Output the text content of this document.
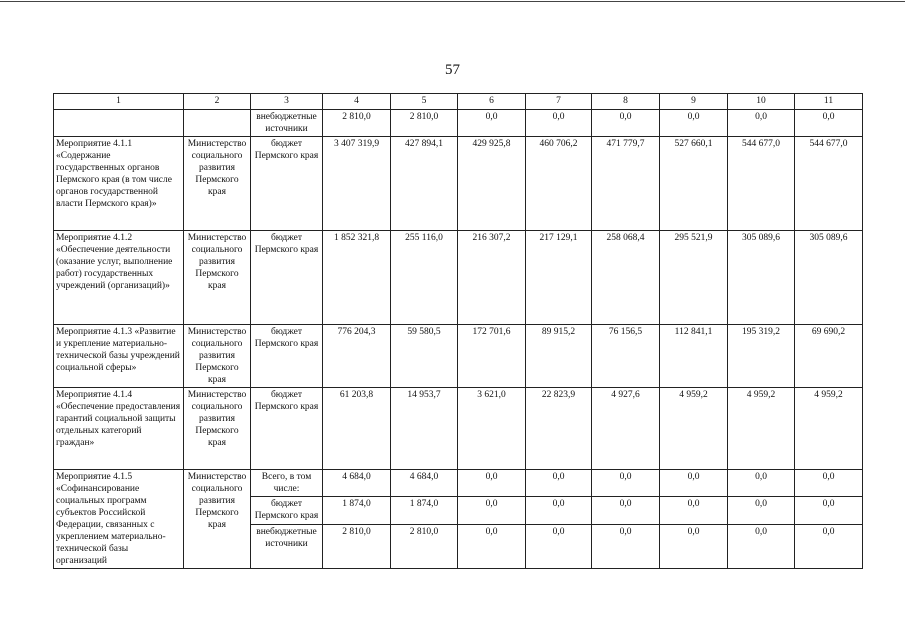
57
1	2	3	4	5	6	7	8	9	10	11
		внебюджетные источники	2 810,0	2 810,0	0,0	0,0	0,0	0,0	0,0	0,0
Мероприятие 4.1.1 «Содержание государственных органов Пермского края (в том числе органов государственной власти Пермского края)»	Министерство социального развития Пермского края	бюджет Пермского края	3 407 319,9	427 894,1	429 925,8	460 706,2	471 779,7	527 660,1	544 677,0	544 677,0
Мероприятие 4.1.2 «Обеспечение деятельности (оказание услуг, выполнение работ) государственных учреждений (организаций)»	Министерство социального развития Пермского края	бюджет Пермского края	1 852 321,8	255 116,0	216 307,2	217 129,1	258 068,4	295 521,9	305 089,6	305 089,6
Мероприятие 4.1.3 «Развитие и укрепление материально-технической базы учреждений социальной сферы»	Министерство социального развития Пермского края	бюджет Пермского края	776 204,3	59 580,5	172 701,6	89 915,2	76 156,5	112 841,1	195 319,2	69 690,2
Мероприятие 4.1.4 «Обеспечение предоставления гарантий социальной защиты отдельных категорий граждан»	Министерство социального развития Пермского края	бюджет Пермского края	61 203,8	14 953,7	3 621,0	22 823,9	4 927,6	4 959,2	4 959,2	4 959,2
Мероприятие 4.1.5 «Софинансирование социальных программ субъектов Российской Федерации, связанных с укреплением материально-технической базы организаций	Министерство социального развития Пермского края	Всего, в том числе:	4 684,0	4 684,0	0,0	0,0	0,0	0,0	0,0	0,0
		бюджет Пермского края	1 874,0	1 874,0	0,0	0,0	0,0	0,0	0,0	0,0
		внебюджетные источники	2 810,0	2 810,0	0,0	0,0	0,0	0,0	0,0	0,0
